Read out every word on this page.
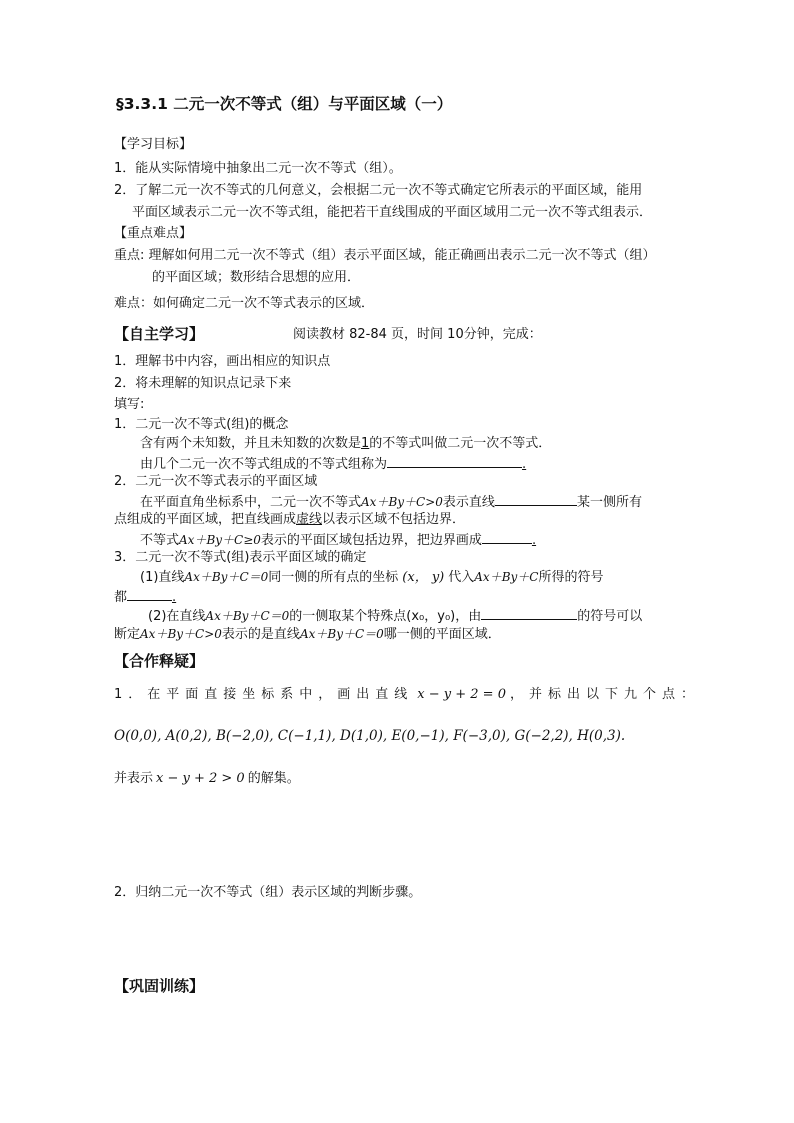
§3.3.1 二元一次不等式（组）与平面区域（一）
【学习目标】
1．能从实际情境中抽象出二元一次不等式（组）。
2．了解二元一次不等式的几何意义，会根据二元一次不等式确定它所表示的平面区域，能用
平面区域表示二元一次不等式组，能把若干直线围成的平面区域用二元一次不等式组表示．
【重点难点】
重点: 理解如何用二元一次不等式（组）表示平面区域，能正确画出表示二元一次不等式（组）
的平面区域；数形结合思想的应用．
难点：如何确定二元一次不等式表示的区域．
【自主学习】	阅读教材 82-84 页，时间 10分钟，完成：
1．理解书中内容，画出相应的知识点
2．将未理解的知识点记录下来
填写:
1．二元一次不等式(组)的概念
含有两个未知数，并且未知数的次数是1的不等式叫做二元一次不等式．
由几个二元一次不等式组成的不等式组称为	.
2．二元一次不等式表示的平面区域
在平面直角坐标系中，二元一次不等式Ax＋By＋C>0表示直线	某一侧所有
点组成的平面区域，把直线画成虚线以表示区域不包括边界．
不等式Ax＋By＋C≥0表示的平面区域包括边界，把边界画成	.
3．二元一次不等式(组)表示平面区域的确定
(1)直线Ax＋By＋C＝0同一侧的所有点的坐标 (x， y) 代入Ax＋By＋C所得的符号
都	.
(2)在直线Ax＋By＋C＝0的一侧取某个特殊点(x₀，y₀)，由	的符号可以
断定Ax＋By＋C>0表示的是直线Ax＋By＋C＝0哪一侧的平面区域．
【合作释疑】
1．在平面直接坐标系中，画出直线 x − y + 2 = 0 ，并标出以下九个点：
O(0,0), A(0,2), B(−2,0), C(−1,1), D(1,0), E(0,−1), F(−3,0), G(−2,2), H(0,3).
并表示 x − y + 2 > 0 的解集。
2．归纳二元一次不等式（组）表示区域的判断步骤。
【巩固训练】
